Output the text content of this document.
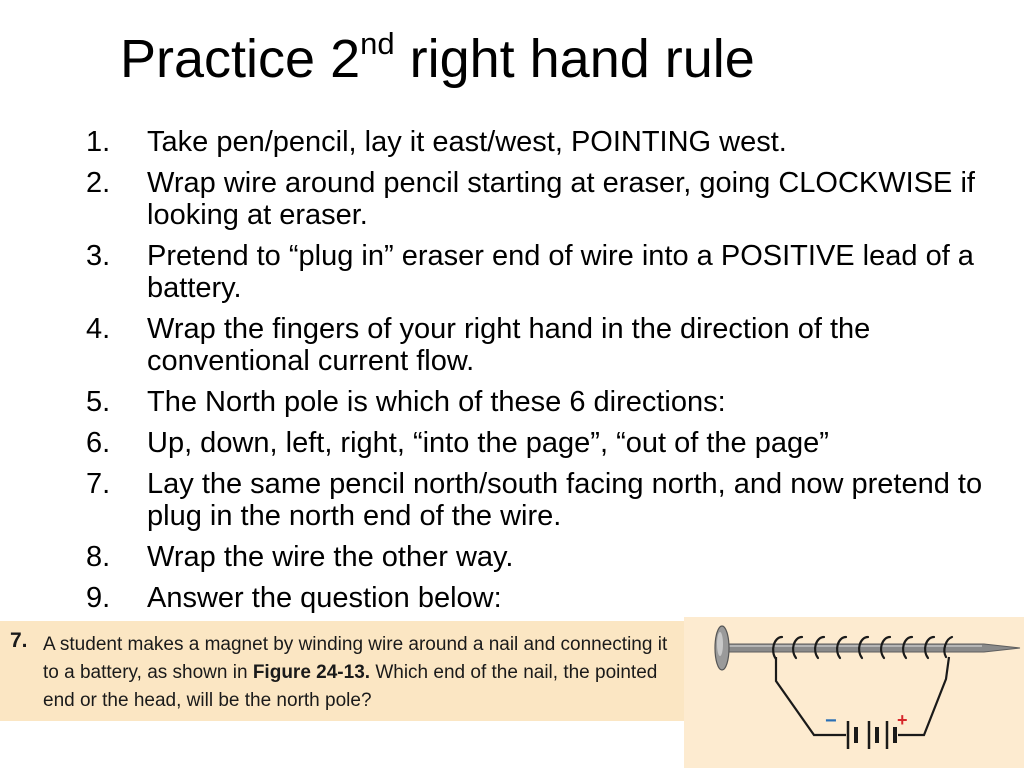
Practice 2nd right hand rule
1.	Take pen/pencil, lay it east/west, POINTING west.
2.	Wrap wire around pencil starting at eraser, going CLOCKWISE if looking at eraser.
3.	Pretend to “plug in” eraser end of wire into a POSITIVE lead of a battery.
4.	Wrap the fingers of your right hand in the direction of the conventional current flow.
5.	The North pole is which of these 6 directions:
6.	Up, down, left, right, “into the page”, “out of the page”
7.	Lay the same pencil north/south facing north, and now pretend to plug in the north end of the wire.
8.	Wrap the wire the other way.
9.	Answer the question below:
7. A student makes a magnet by winding wire around a nail and connecting it to a battery, as shown in Figure 24-13. Which end of the nail, the pointed end or the head, will be the north pole?
−	+
